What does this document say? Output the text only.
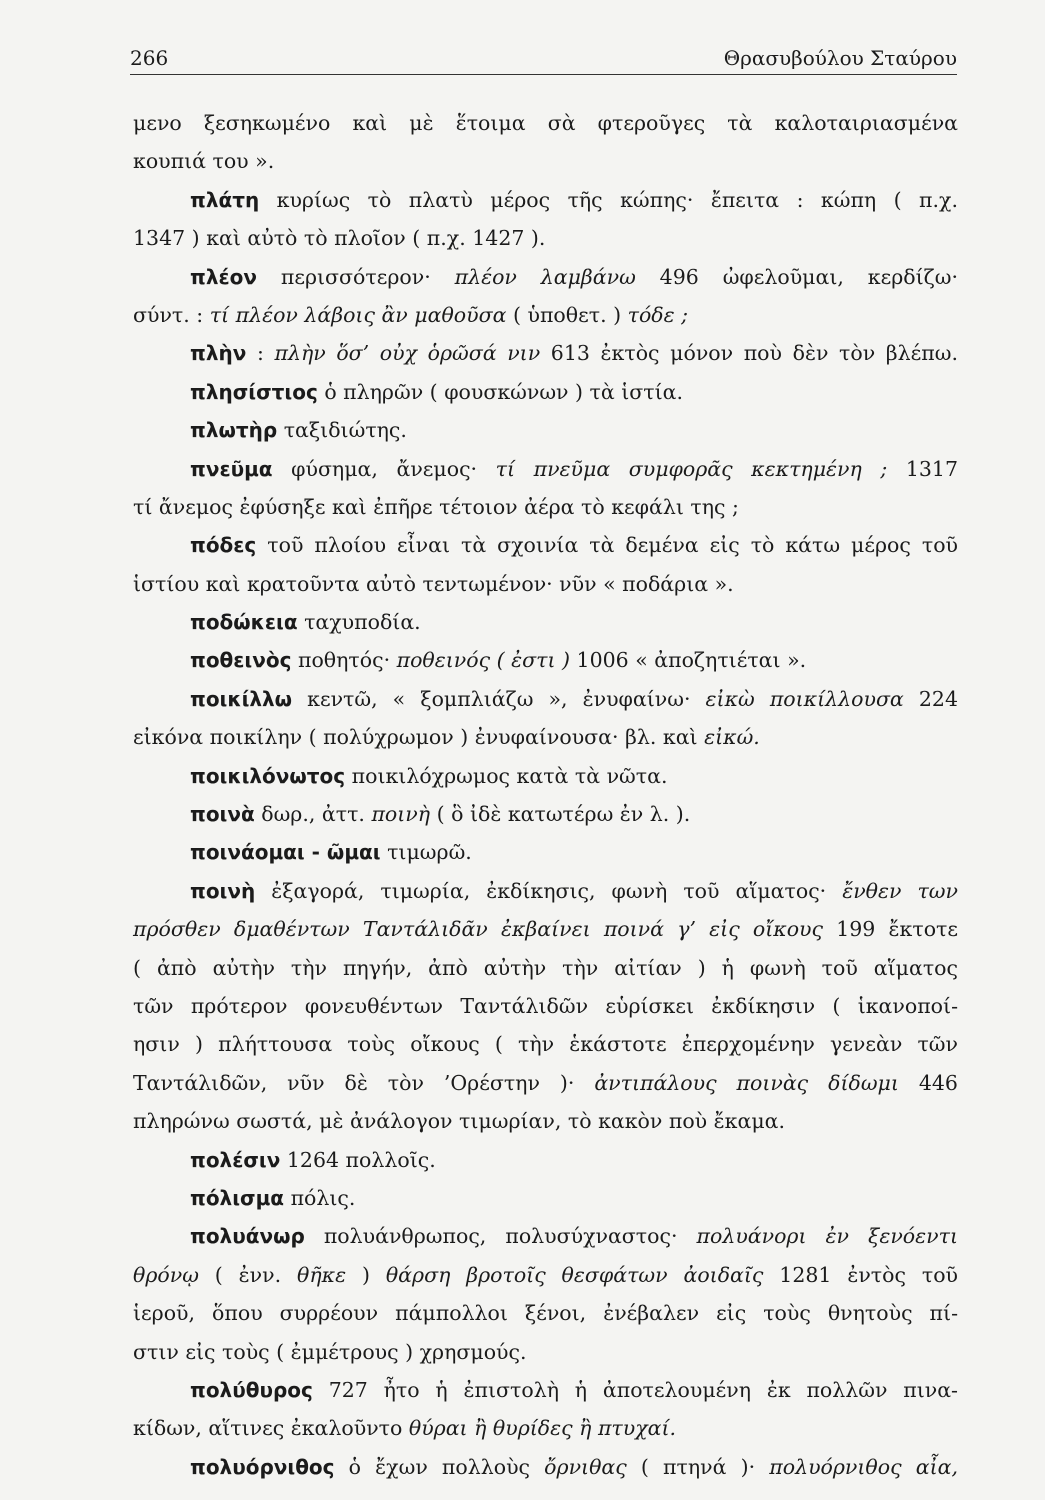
266	Θρασυβούλου Σταύρου
μενο ξεσηκωμένο καὶ μὲ ἕτοιμα σὰ φτεροῦγες τὰ καλοταιριασμένα
κουπιά του ».
πλάτη κυρίως τὸ πλατὺ μέρος τῆς κώπης· ἔπειτα : κώπη ( π.χ.
1347 ) καὶ αὐτὸ τὸ πλοῖον ( π.χ. 1427 ).
πλέον περισσότερον· πλέον λαμβάνω 496 ὠφελοῦμαι, κερδίζω·
σύντ. : τί πλέον λάβοις ἂν μαθοῦσα ( ὑποθετ. ) τόδε ;
πλὴν : πλὴν ὅσ’ οὐχ ὁρῶσά νιν 613 ἐκτὸς μόνον ποὺ δὲν τὸν βλέπω.
πλησίστιος ὁ πληρῶν ( φουσκώνων ) τὰ ἱστία.
πλωτὴρ ταξιδιώτης.
πνεῦμα φύσημα, ἄνεμος· τί πνεῦμα συμφορᾶς κεκτημένη ; 1317
τί ἄνεμος ἐφύσηξε καὶ ἐπῆρε τέτοιον ἀέρα τὸ κεφάλι της ;
πόδες τοῦ πλοίου εἶναι τὰ σχοινία τὰ δεμένα εἰς τὸ κάτω μέρος τοῦ
ἱστίου καὶ κρατοῦντα αὐτὸ τεντωμένον· νῦν « ποδάρια ».
ποδώκεια ταχυποδία.
ποθεινὸς ποθητός· ποθεινός ( ἐστι ) 1006 « ἀποζητιέται ».
ποικίλλω κεντῶ, « ξομπλιάζω », ἐνυφαίνω· εἰκὼ ποικίλλουσα 224
εἰκόνα ποικίλην ( πολύχρωμον ) ἐνυφαίνουσα· βλ. καὶ εἰκώ.
ποικιλόνωτος ποικιλόχρωμος κατὰ τὰ νῶτα.
ποινὰ δωρ., ἀττ. ποινὴ ( ὃ ἰδὲ κατωτέρω ἐν λ. ).
ποινάομαι - ῶμαι τιμωρῶ.
ποινὴ ἐξαγορά, τιμωρία, ἐκδίκησις, φωνὴ τοῦ αἵματος· ἔνθεν των
πρόσθεν δμαθέντων Ταντάλιδᾶν ἐκβαίνει ποινά γ’ εἰς οἴκους 199 ἔκτοτε
( ἀπὸ αὐτὴν τὴν πηγήν, ἀπὸ αὐτὴν τὴν αἰτίαν ) ἡ φωνὴ τοῦ αἵματος
τῶν πρότερον φονευθέντων Ταντάλιδῶν εὑρίσκει ἐκδίκησιν ( ἱκανοποί-
ησιν ) πλήττουσα τοὺς οἴκους ( τὴν ἑκάστοτε ἐπερχομένην γενεὰν τῶν
Ταντάλιδῶν, νῦν δὲ τὸν ’Ορέστην )· ἀντιπάλους ποινὰς δίδωμι 446
πληρώνω σωστά, μὲ ἀνάλογον τιμωρίαν, τὸ κακὸν ποὺ ἔκαμα.
πολέσιν 1264 πολλοῖς.
πόλισμα πόλις.
πολυάνωρ πολυάνθρωπος, πολυσύχναστος· πολυάνορι ἐν ξενόεντι
θρόνῳ ( ἐνν. θῆκε ) θάρση βροτοῖς θεσφάτων ἀοιδαῖς 1281 ἐντὸς τοῦ
ἱεροῦ, ὅπου συρρέουν πάμπολλοι ξένοι, ἐνέβαλεν εἰς τοὺς θνητοὺς πί-
στιν εἰς τοὺς ( ἐμμέτρους ) χρησμούς.
πολύθυρος 727 ἦτο ἡ ἐπιστολὴ ἡ ἀποτελουμένη ἐκ πολλῶν πινα-
κίδων, αἵτινες ἐκαλοῦντο θύραι ἢ θυρίδες ἢ πτυχαί.
πολυόρνιθος ὁ ἔχων πολλοὺς ὄρνιθας ( πτηνά )· πολυόρνιθος αἶα,
